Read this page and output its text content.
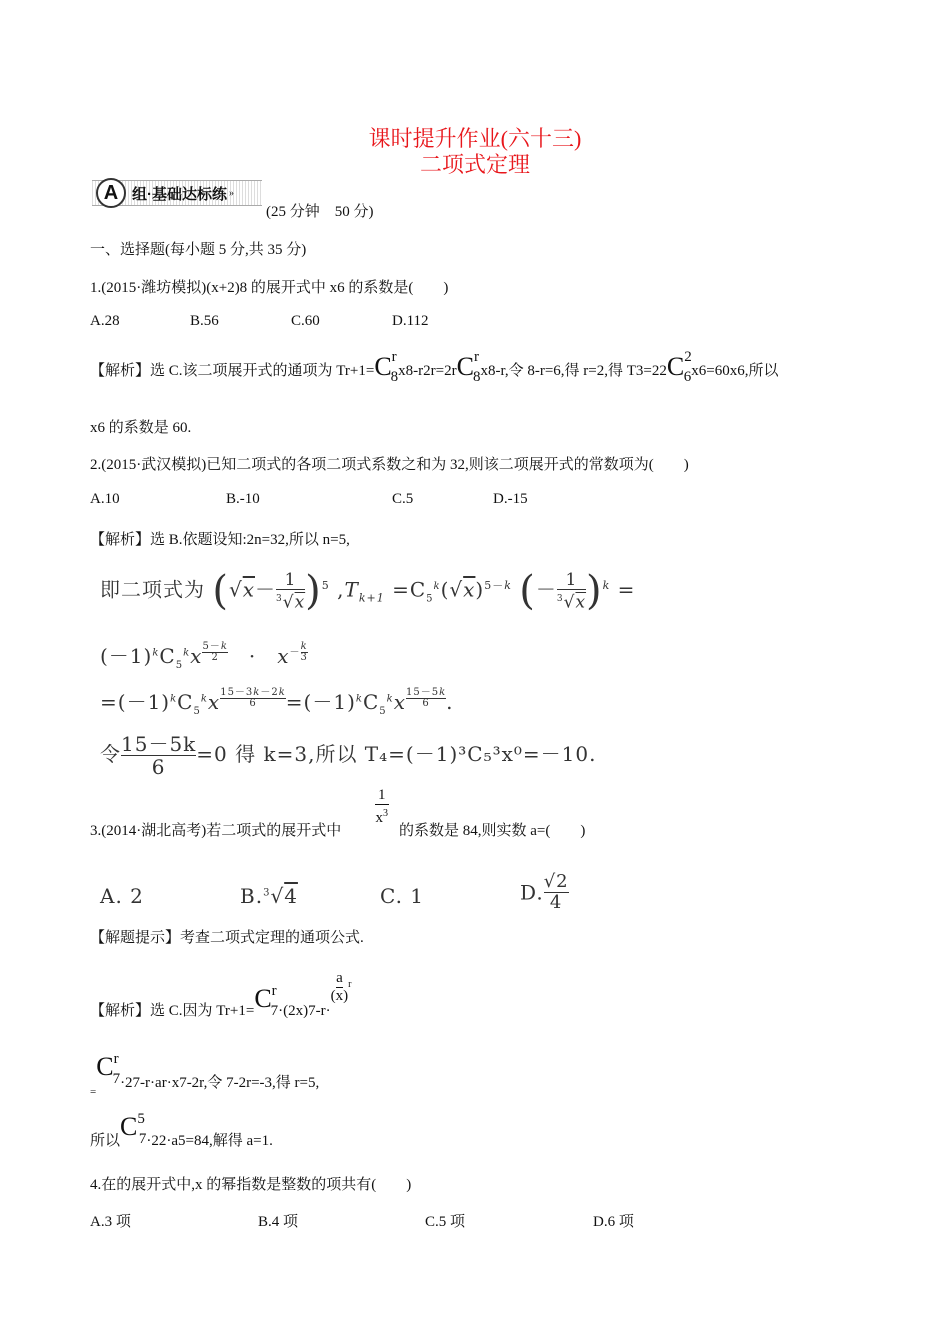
课时提升作业(六十三)
二项式定理
A 组·基础达标练 »
(25 分钟　50 分)
一、选择题(每小题 5 分,共 35 分)
1.(2015·潍坊模拟)(x+2)8 的展开式中 x6 的系数是(　　)
A.28	B.56	C.60	D.112
【解析】选 C.该二项展开式的通项为 Tr+1=Cr8x8-r2r=2rCr8x8-r,令 8-r=6,得 r=2,得 T3=22C26x6=60x6,所以
x6 的系数是 60.
2.(2015·武汉模拟)已知二项式的各项二项式系数之和为 32,则该二项展开式的常数项为(　　)
A.10	B.-10	C.5	D.-15
【解析】选 B.依题设知:2n=32,所以 n=5,
即二项式为 $(√x- \frac{1}{^3√x} )^5$ $,T_{k+1} =C_5^k(√x)^{5-k}$ (－ $\frac{1}{^3√x} )^k$ =
$(-1)^kC_5^kx$ $^{\frac{5-k}{2}}$ 　·　$x^{- \frac{k}{3}}$
$=(-1)^kC_5^kx$ $^{\frac{15-3k-2k}{6}} =(-1)^kC_5^kx$ $^{\frac{15-5k}{6}}$ .
令 $\frac{15-5k}{6} =0$ 得 k=3,所以 T₄=(－1)³C₅³x⁰=－10.
1
$x^3$
3.(2014·湖北高考)若二项式的展开式中	的系数是 84,则实数 a=(　　)
A. 2	B.$^3$√4	C. 1	D. $\frac{√2}{4}$
【解题提示】考查二项式定理的通项公式.
【解析】选 C.因为 $Tr+1=Cr7\cdot(2x)7-r\cdot( \frac{a}{x} )^r$
$_=$Cr7·27-r·ar·x7-2r,令 7-2r=-3,得 r=5,
所以C57·22·a5=84,解得 a=1.
4.在的展开式中,x 的幂指数是整数的项共有(　　)
A.3 项	B.4 项	C.5 项	D.6 项
